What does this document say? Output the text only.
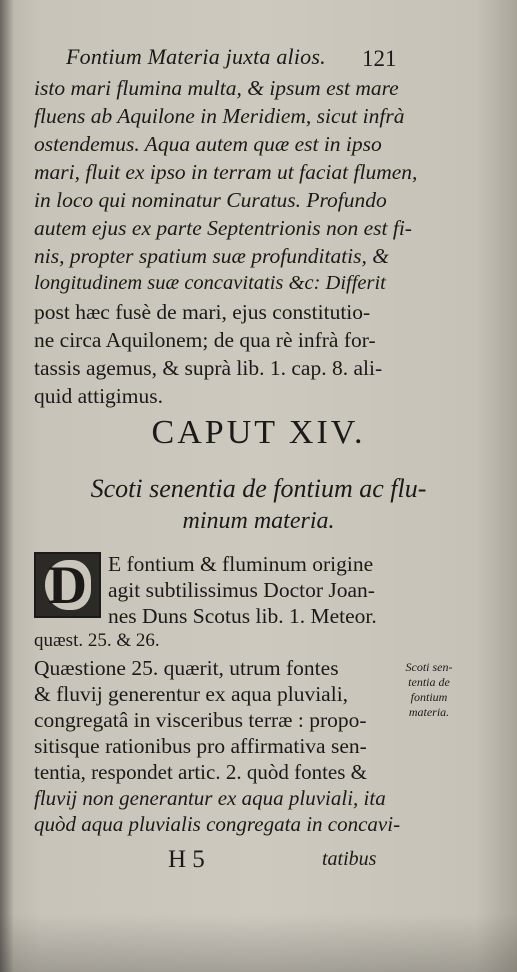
Fontium Materia juxta alios.	121
isto mari flumina multa, & ipsum est mare
fluens ab Aquilone in Meridiem, sicut infrà
ostendemus. Aqua autem quæ est in ipso
mari, fluit ex ipso in terram ut faciat flumen,
in loco qui nominatur Curatus. Profundo
autem ejus ex parte Septentrionis non est fi-
nis, propter spatium suæ profunditatis, &
longitudinem suæ concavitatis &c: Differit
post hæc fusè de mari, ejus constitutio-
ne circa Aquilonem; de qua rè infrà for-
tassis agemus, & suprà lib. 1. cap. 8. ali-
quid attigimus.
CAPUT XIV.
Scoti senentia de fontium ac flu-
minum materia.
D E fontium & fluminum origine
agit subtilissimus Doctor Joan-
nes Duns Scotus lib. 1. Meteor.
quæst. 25. & 26.
Quæstione 25. quærit, utrum fontes
& fluvij generentur ex aqua pluviali,
congregatâ in visceribus terræ : propo-
sitisque rationibus pro affirmativa sen-
tentia, respondet artic. 2. quòd fontes &
fluvij non generantur ex aqua pluviali, ita
quòd aqua pluvialis congregata in concavi-
Scoti sen-
tentia de
fontium
materia.
H 5	tatibus
